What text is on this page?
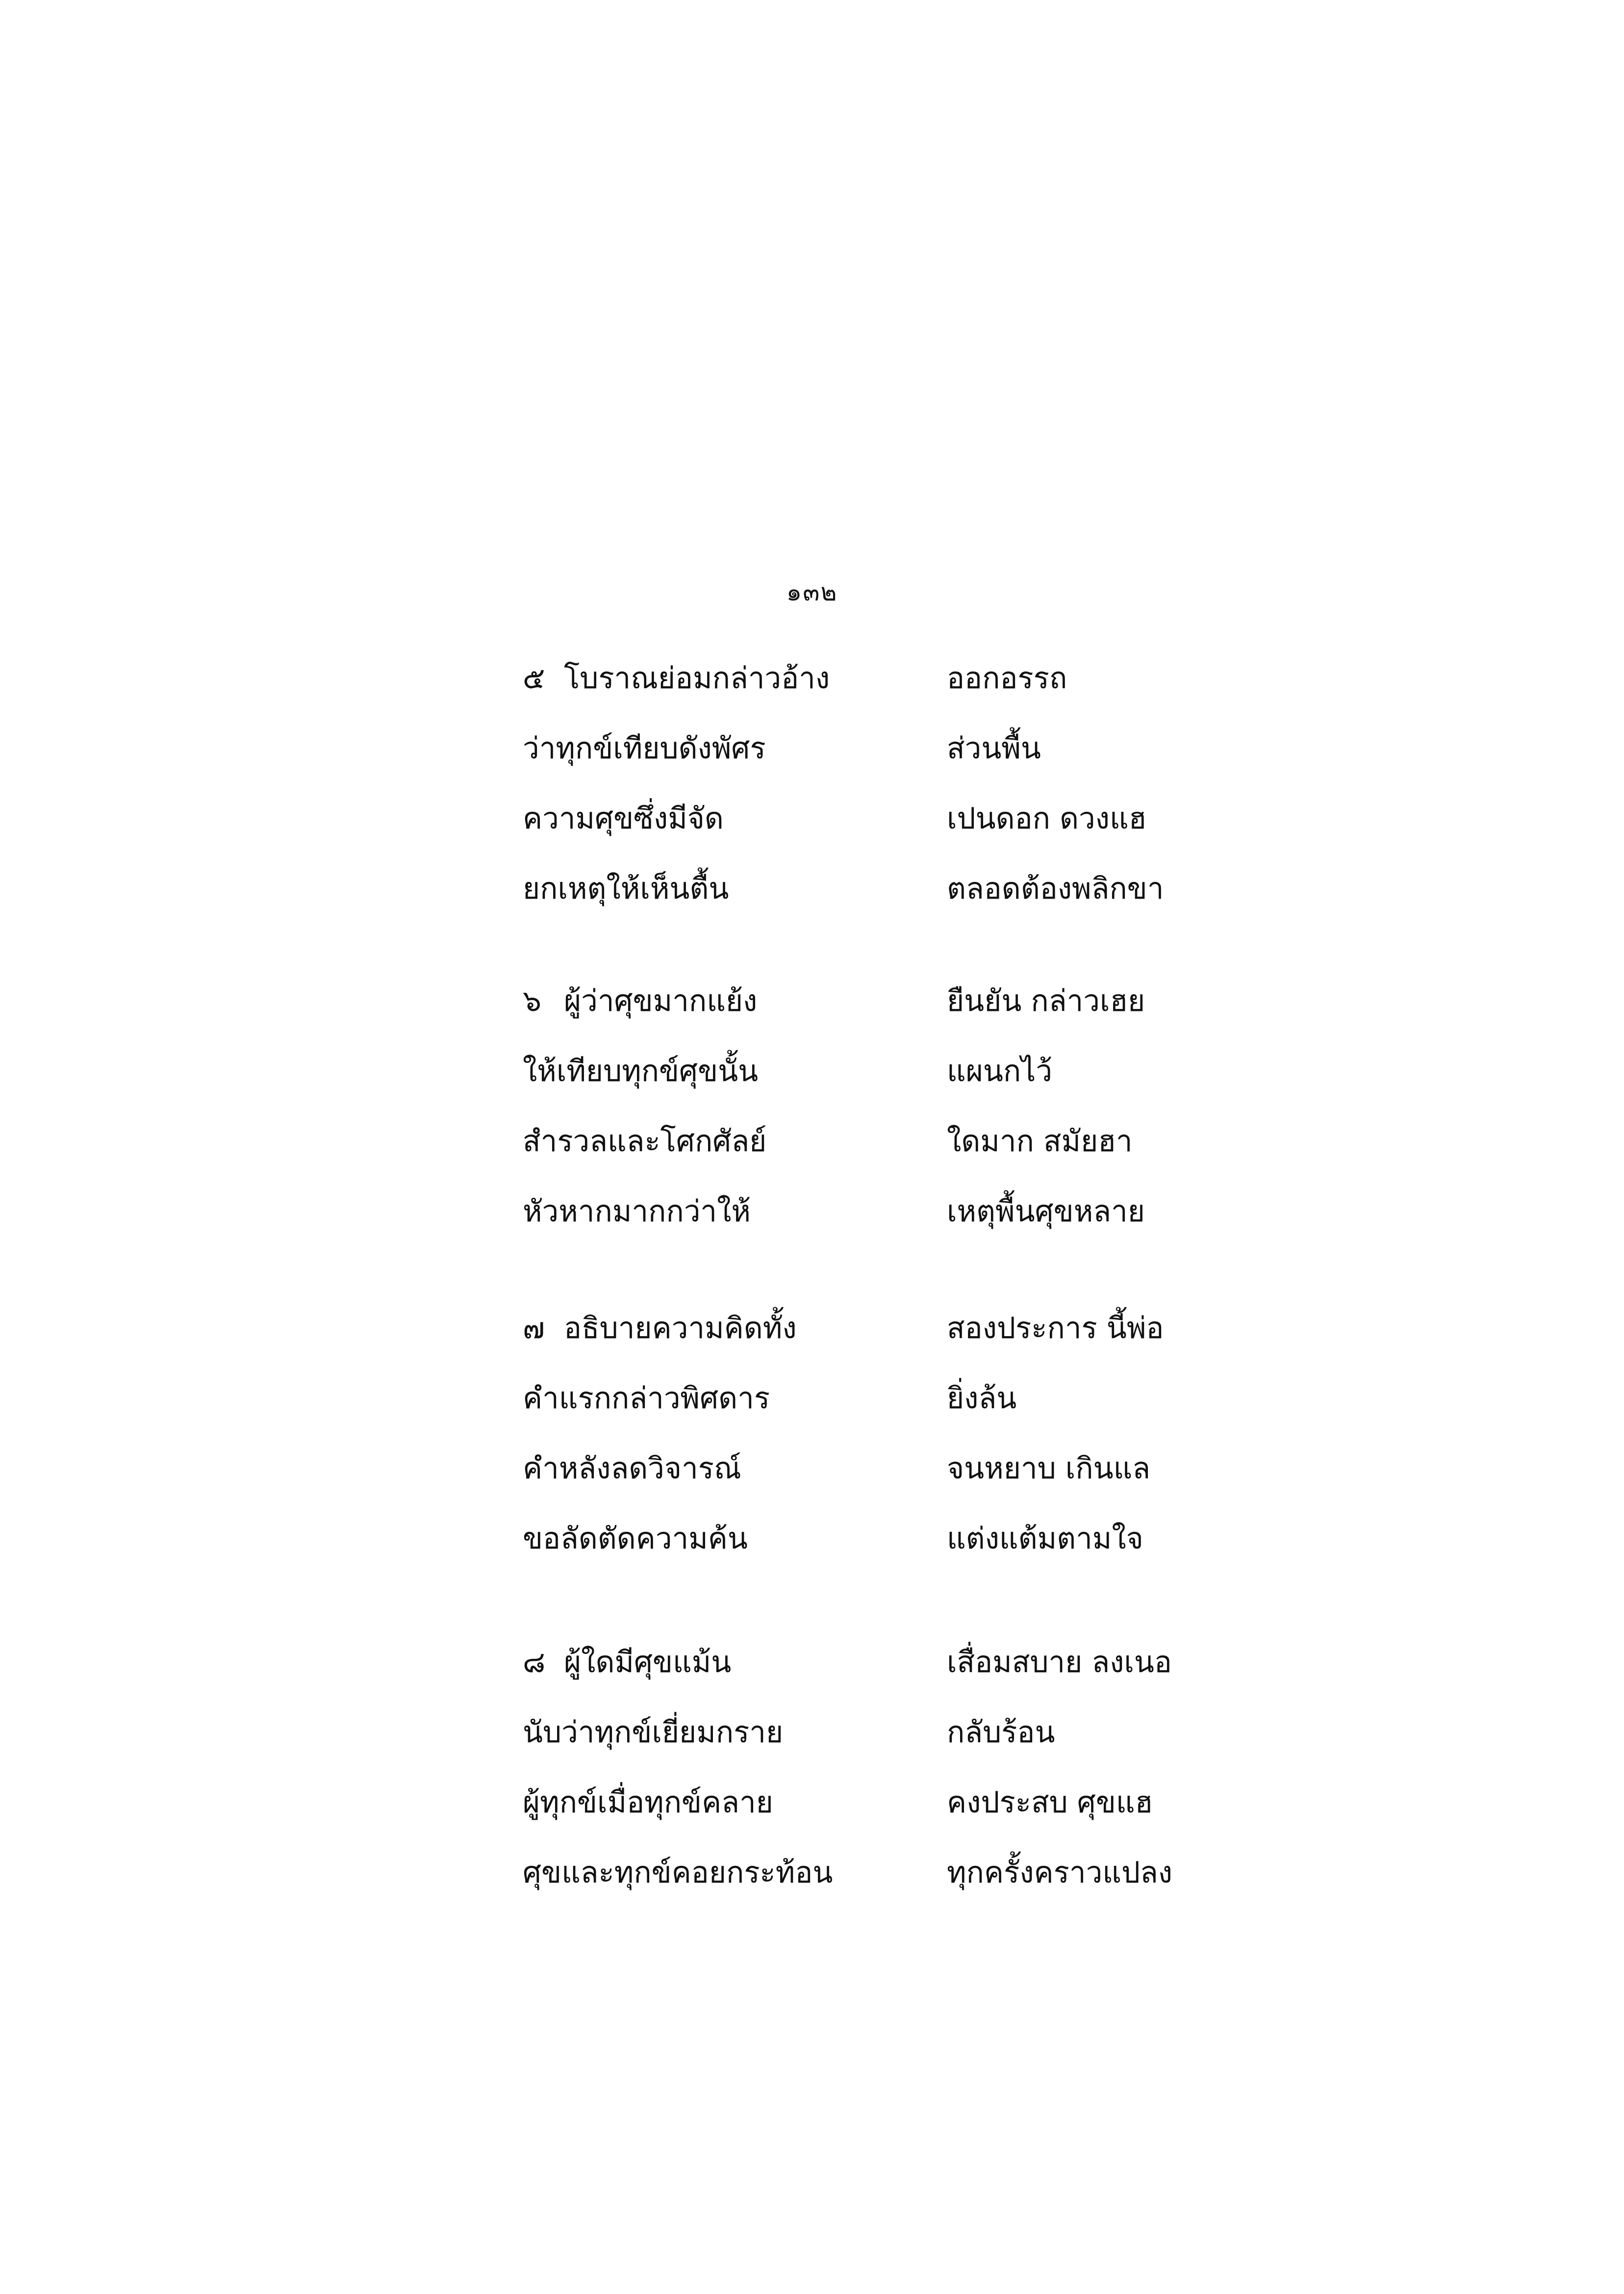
๑๓๒
๕ โบราณย่อมกล่าวอ้าง	ออกอรรถ
ว่าทุกข์เทียบดังพัศร	ส่วนพื้น
ความศุขซึ่งมีจัด	เปนดอก ดวงแฮ
ยกเหตุให้เห็นตื้น	ตลอดต้องพลิกขา
๖ ผู้ว่าศุขมากแย้ง	ยืนยัน กล่าวเฮย
ให้เทียบทุกข์ศุขนั้น	แผนกไว้
สำรวลและโศกศัลย์	ใดมาก สมัยฮา
หัวหากมากกว่าให้	เหตุพื้นศุขหลาย
๗ อธิบายความคิดทั้ง	สองประการ นี้พ่อ
คำแรกกล่าวพิศดาร	ยิ่งล้น
คำหลังลดวิจารณ์	จนหยาบ เกินแล
ขอลัดตัดความค้น	แต่งแต้มตามใจ
๘ ผู้ใดมีศุขแม้น	เสื่อมสบาย ลงเนอ
นับว่าทุกข์เยี่ยมกราย	กลับร้อน
ผู้ทุกข์เมื่อทุกข์คลาย	คงประสบ ศุขแฮ
ศุขและทุกข์คอยกระท้อน	ทุกครั้งคราวแปลง
